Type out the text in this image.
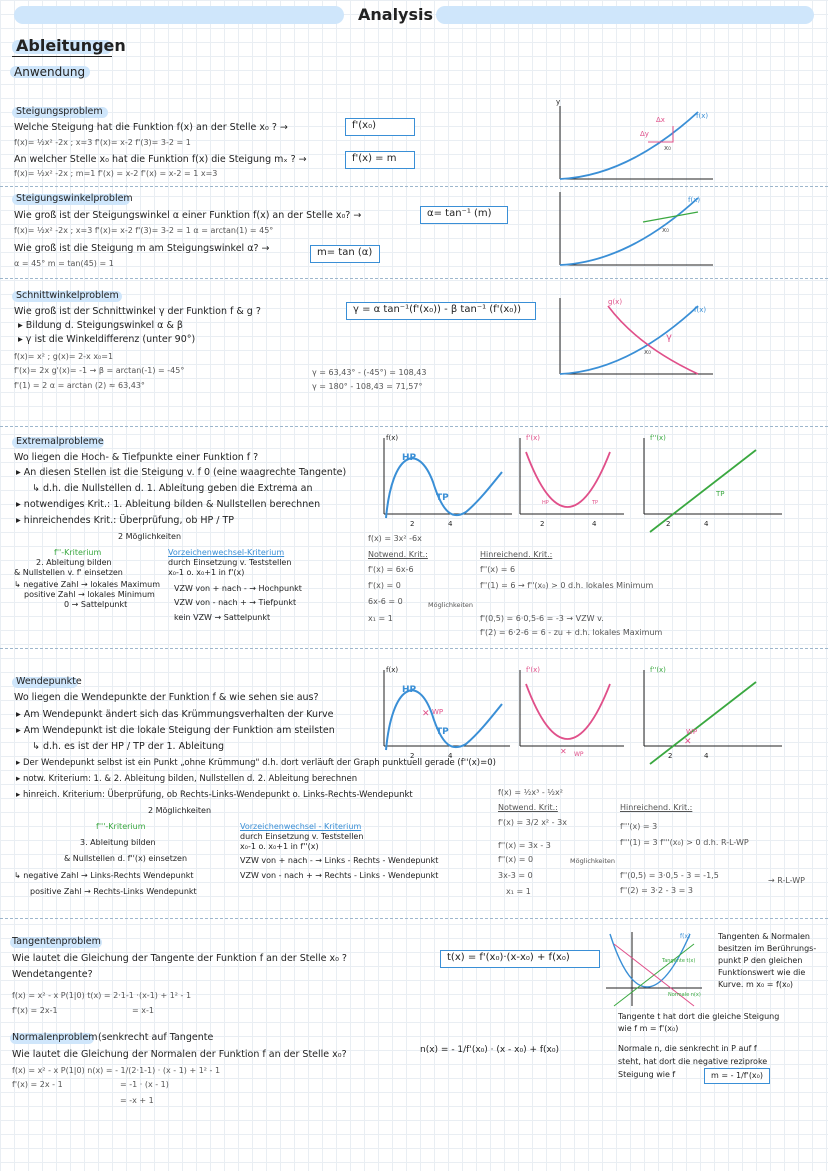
Analysis
Ableitungen
Anwendung
Steigungsproblem
Welche Steigung hat die Funktion f(x) an der Stelle x₀ ? →
f(x)= ½x² -2x ; x=3 f'(x)= x-2 f'(3)= 3-2 = 1
An welcher Stelle x₀ hat die Funktion f(x) die Steigung mₓ ? →
f(x)= ½x² -2x ; m=1 f'(x) = x-2 f'(x) = x-2 = 1 x=3
f'(x₀)
f'(x) = m
Δx
Δy
x₀
f(x)
y
Steigungswinkelproblem
Wie groß ist der Steigungswinkel α einer Funktion f(x) an der Stelle x₀? →
f(x)= ½x² -2x ; x=3 f'(x)= x-2 f'(3)= 3-2 = 1 α = arctan(1) = 45°
Wie groß ist die Steigung m am Steigungswinkel α? →
α = 45° m = tan(45) = 1
α= tan⁻¹ (m)
m= tan (α)
x₀
f(x)
Schnittwinkelproblem
Wie groß ist der Schnittwinkel γ der Funktion f & g ?	γ = α tan⁻¹(f'(x₀)) - β tan⁻¹ (f'(x₀))
▸ Bildung d. Steigungswinkel α & β
▸ γ ist die Winkeldifferenz (unter 90°)
f(x)= x² ; g(x)= 2-x x₀=1
f'(x)= 2x g'(x)= -1 → β = arctan(-1) = -45°
f'(1) = 2 α = arctan (2) ≈ 63,43°
γ = 63,43° - (-45°) = 108,43
γ = 180° - 108,43 = 71,57°
g(x)
f(x)
γ
x₀
Extremalprobleme
Wo liegen die Hoch- & Tiefpunkte einer Funktion f ?
▸ An diesen Stellen ist die Steigung v. f 0 (eine waagrechte Tangente)
↳ d.h. die Nullstellen d. 1. Ableitung geben die Extrema an
▸ notwendiges Krit.: 1. Ableitung bilden & Nullstellen berechnen
▸ hinreichendes Krit.: Überprüfung, ob HP / TP
2 Möglichkeiten
f''-Kriterium
2. Ableitung bilden
& Nullstellen v. f' einsetzen
↳ negative Zahl → lokales Maximum
positive Zahl → lokales Minimum
0 → Sattelpunkt
Vorzeichenwechsel-Kriterium
durch Einsetzung v. Teststellen
x₀-1 o. x₀+1 in f'(x)
VZW von + nach - → Hochpunkt
VZW von - nach + → Tiefpunkt
kein VZW → Sattelpunkt
f(x) = 3x² -6x
Notwend. Krit.:
f'(x) = 6x-6
f'(x) = 0
6x-6 = 0
x₁ = 1
Möglichkeiten
Hinreichend. Krit.:
f''(x) = 6
f''(1) = 6 → f''(x₀) > 0 d.h. lokales Minimum
f'(0,5) = 6·0,5-6 = -3 → VZW v.
f'(2) = 6·2-6 = 6 - zu + d.h. lokales Maximum
f(x)
HP
TP
2	4
f'(x)
HP	TP
2	4
f''(x)
TP
2	4
Wendepunkte
Wo liegen die Wendepunkte der Funktion f & wie sehen sie aus?
▸ Am Wendepunkt ändert sich das Krümmungsverhalten der Kurve
▸ Am Wendepunkt ist die lokale Steigung der Funktion am steilsten
↳ d.h. es ist der HP / TP der 1. Ableitung
▸ Der Wendepunkt selbst ist ein Punkt „ohne Krümmung" d.h. dort verläuft der Graph punktuell gerade (f''(x)=0)
▸ notw. Kriterium: 1. & 2. Ableitung bilden, Nullstellen d. 2. Ableitung berechnen
▸ hinreich. Kriterium: Überprüfung, ob Rechts-Links-Wendepunkt o. Links-Rechts-Wendepunkt
2 Möglichkeiten
f'''-Kriterium
3. Ableitung bilden
& Nullstellen d. f''(x) einsetzen
↳ negative Zahl → Links-Rechts Wendepunkt
positive Zahl → Rechts-Links Wendepunkt
Vorzeichenwechsel - Kriterium
durch Einsetzung v. Teststellen
x₀-1 o. x₀+1 in f''(x)
VZW von + nach - → Links - Rechts - Wendepunkt
VZW von - nach + → Rechts - Links - Wendepunkt
f(x) = ½x³ - ½x²
Notwend. Krit.:
f'(x) = 3/2 x² - 3x
f''(x) = 3x - 3
f''(x) = 0
3x-3 = 0
x₁ = 1
Möglichkeiten
Hinreichend. Krit.:
f'''(x) = 3
f'''(1) = 3 f'''(x₀) > 0 d.h. R-L-WP
f''(0,5) = 3·0,5 - 3 = -1,5
f''(2) = 3·2 - 3 = 3
→ R-L-WP
✕
f(x)
HP
WP
TP
2	4	✕
f'(x)
WP
✕
f''(x)
WP
2	4
Tangentenproblem
Wie lautet die Gleichung der Tangente der Funktion f an der Stelle x₀ ?
Wendetangente?
t(x) = f'(x₀)·(x-x₀) + f(x₀)
f(x) = x² - x P(1|0) t(x) = 2·1-1 ·(x-1) + 1² - 1
f'(x) = 2x-1	= x-1
f(x)
Tangente t(x)
Normale n(x)
Tangenten & Normalen
besitzen im Berührungs-
punkt P den gleichen
Funktionswert wie die
Kurve. m x₀ = f(x₀)
Tangente t hat dort die gleiche Steigung
wie f m = f'(x₀)
Normalenproblem (senkrecht auf Tangente
Wie lautet die Gleichung der Normalen der Funktion f an der Stelle x₀?	n(x) = - 1/f'(x₀) · (x - x₀) + f(x₀)
f(x) = x² - x P(1|0) n(x) = - 1/(2·1-1) · (x - 1) + 1² - 1
f'(x) = 2x - 1	= -1 · (x - 1)
= -x + 1
Normale n, die senkrecht in P auf f
steht, hat dort die negative reziproke
Steigung wie f	m = - 1/f'(x₀)
